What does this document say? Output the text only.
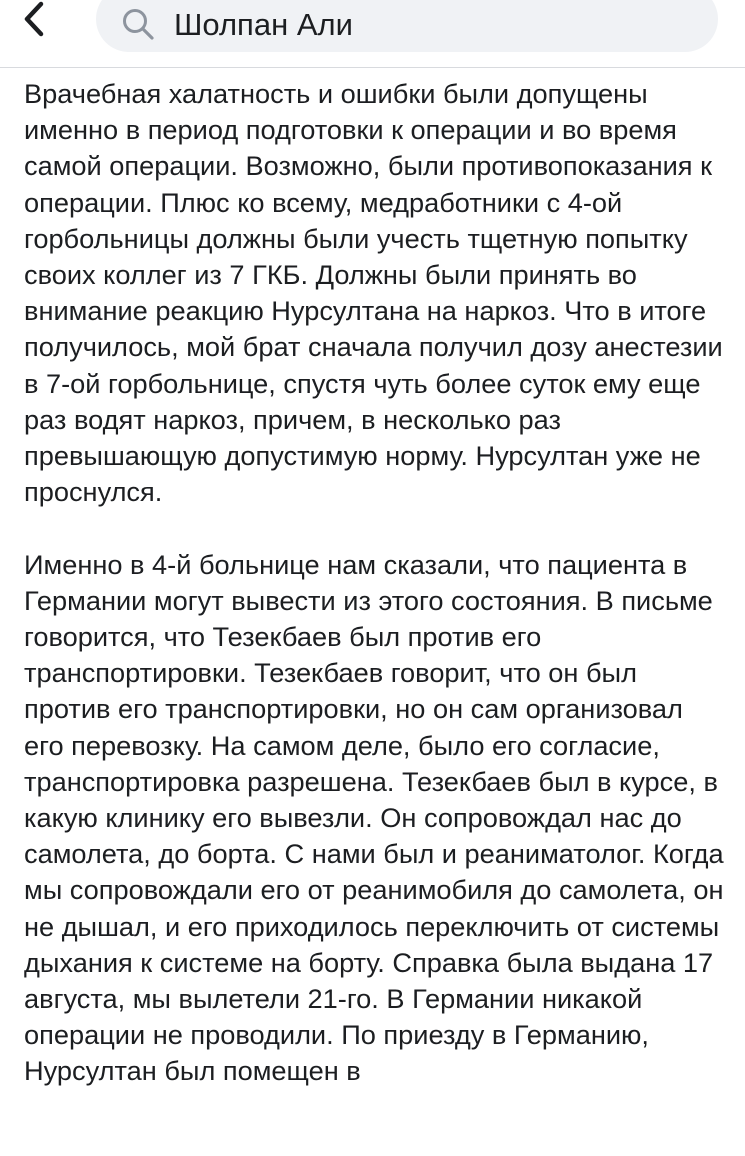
Шолпан Али

Врачебная халатность и ошибки были допущены именно в период подготовки к операции и во время самой операции. Возможно, были противопоказания к операции. Плюс ко всему, медработники с 4-ой горбольницы должны были учесть тщетную попытку своих коллег из 7 ГКБ. Должны были принять во внимание реакцию Нурсултана на наркоз. Что в итоге получилось, мой брат сначала получил дозу анестезии в 7-ой горбольнице, спустя чуть более суток ему еще раз водят наркоз, причем, в несколько раз превышающую допустимую норму. Нурсултан уже не проснулся.

Именно в 4-й больнице нам сказали, что пациента в Германии могут вывести из этого состояния. В письме говорится, что Тезекбаев был против его транспортировки. Тезекбаев говорит, что он был против его транспортировки, но он сам организовал его перевозку. На самом деле, было его согласие, транспортировка разрешена. Тезекбаев был в курсе, в какую клинику его вывезли. Он сопровождал нас до самолета, до борта. С нами был и реаниматолог. Когда мы сопровождали его от реанимобиля до самолета, он не дышал, и его приходилось переключить от системы дыхания к системе на борту. Справка была выдана 17 августа, мы вылетели 21-го. В Германии никакой операции не проводили. По приезду в Германию, Нурсултан был помещен в
